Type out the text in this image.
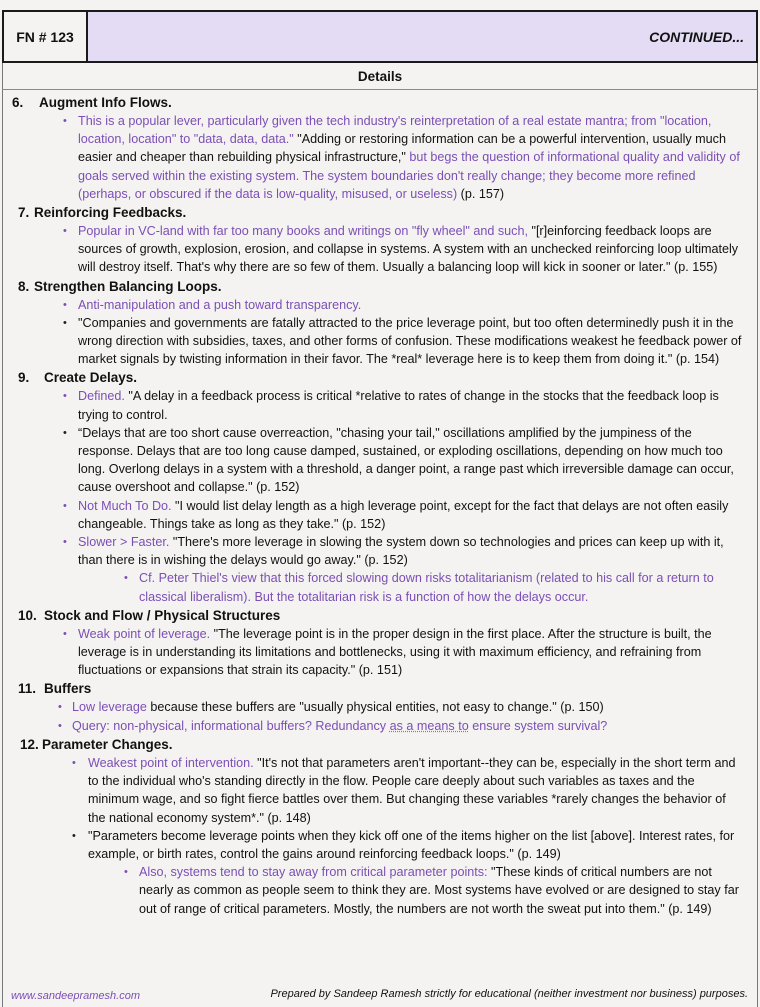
FN # 123	CONTINUED...
Details
6.	Augment Info Flows.
• This is a popular lever, particularly given the tech industry's reinterpretation of a real estate mantra; from "location, location, location" to "data, data, data." "Adding or restoring information can be a powerful intervention, usually much easier and cheaper than rebuilding physical infrastructure," but begs the question of informational quality and validity of goals served within the existing system. The system boundaries don't really change; they become more refined (perhaps, or obscured if the data is low-quality, misused, or useless) (p. 157)
7. Reinforcing Feedbacks.
• Popular in VC-land with far too many books and writings on "fly wheel" and such, "[r]einforcing feedback loops are sources of growth, explosion, erosion, and collapse in systems. A system with an unchecked reinforcing loop ultimately will destroy itself. That's why there are so few of them. Usually a balancing loop will kick in sooner or later." (p. 155)
8. Strengthen Balancing Loops.
• Anti-manipulation and a push toward transparency.
• "Companies and governments are fatally attracted to the price leverage point, but too often determinedly push it in the wrong direction with subsidies, taxes, and other forms of confusion. These modifications weakest he feedback power of market signals by twisting information in their favor. The *real* leverage here is to keep them from doing it." (p. 154)
9.	Create Delays.
• Defined. "A delay in a feedback process is critical *relative to rates of change in the stocks that the feedback loop is trying to control.
• “Delays that are too short cause overreaction, "chasing your tail," oscillations amplified by the jumpiness of the response. Delays that are too long cause damped, sustained, or exploding oscillations, depending on how much too long. Overlong delays in a system with a threshold, a danger point, a range past which irreversible damage can occur, cause overshoot and collapse." (p. 152)
• Not Much To Do. "I would list delay length as a high leverage point, except for the fact that delays are not often easily changeable. Things take as long as they take." (p. 152)
• Slower > Faster. "There's more leverage in slowing the system down so technologies and prices can keep up with it, than there is in wishing the delays would go away." (p. 152)
• Cf. Peter Thiel's view that this forced slowing down risks totalitarianism (related to his call for a return to classical liberalism). But the totalitarian risk is a function of how the delays occur.
10. Stock and Flow / Physical Structures
• Weak point of leverage. "The leverage point is in the proper design in the first place. After the structure is built, the leverage is in understanding its limitations and bottlenecks, using it with maximum efficiency, and refraining from fluctuations or expansions that strain its capacity." (p. 151)
11. Buffers
• Low leverage because these buffers are "usually physical entities, not easy to change." (p. 150)
• Query: non-physical, informational buffers? Redundancy as a means to ensure system survival?
12. Parameter Changes.
• Weakest point of intervention. "It's not that parameters aren't important--they can be, especially in the short term and to the individual who's standing directly in the flow. People care deeply about such variables as taxes and the minimum wage, and so fight fierce battles over them. But changing these variables *rarely changes the behavior of the national economy system*." (p. 148)
• "Parameters become leverage points when they kick off one of the items higher on the list [above]. Interest rates, for example, or birth rates, control the gains around reinforcing feedback loops." (p. 149)
• Also, systems tend to stay away from critical parameter points: "These kinds of critical numbers are not nearly as common as people seem to think they are. Most systems have evolved or are designed to stay far out of range of critical parameters. Mostly, the numbers are not worth the sweat put into them." (p. 149)
www.sandeepramesh.com	Prepared by Sandeep Ramesh strictly for educational (neither investment nor business) purposes.
